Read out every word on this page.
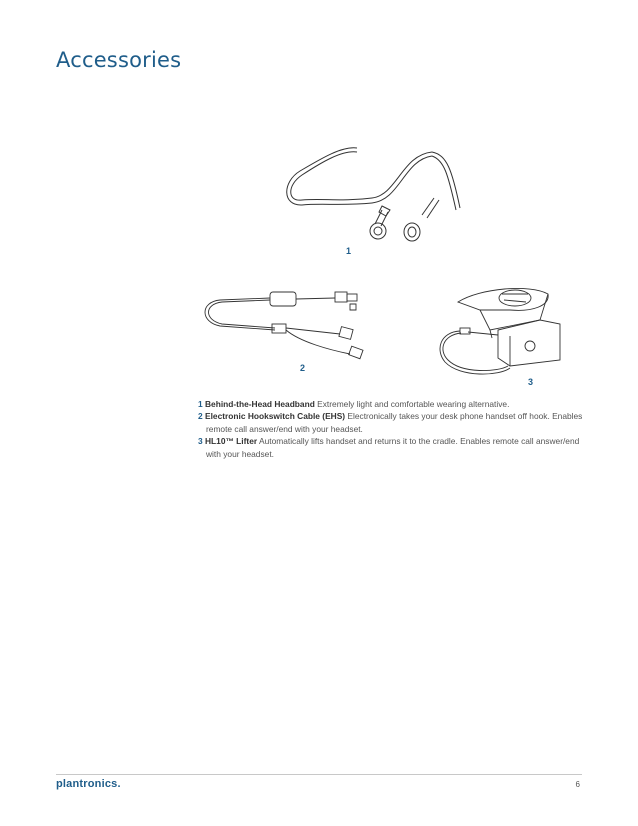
Accessories
1
2
3
1 Behind-the-Head Headband Extremely light and comfortable wearing alternative.
2 Electronic Hookswitch Cable (EHS) Electronically takes your desk phone handset off hook. Enables remote call answer/end with your headset.
3 HL10™ Lifter Automatically lifts handset and returns it to the cradle. Enables remote call answer/end with your headset.
plantronics.	6
